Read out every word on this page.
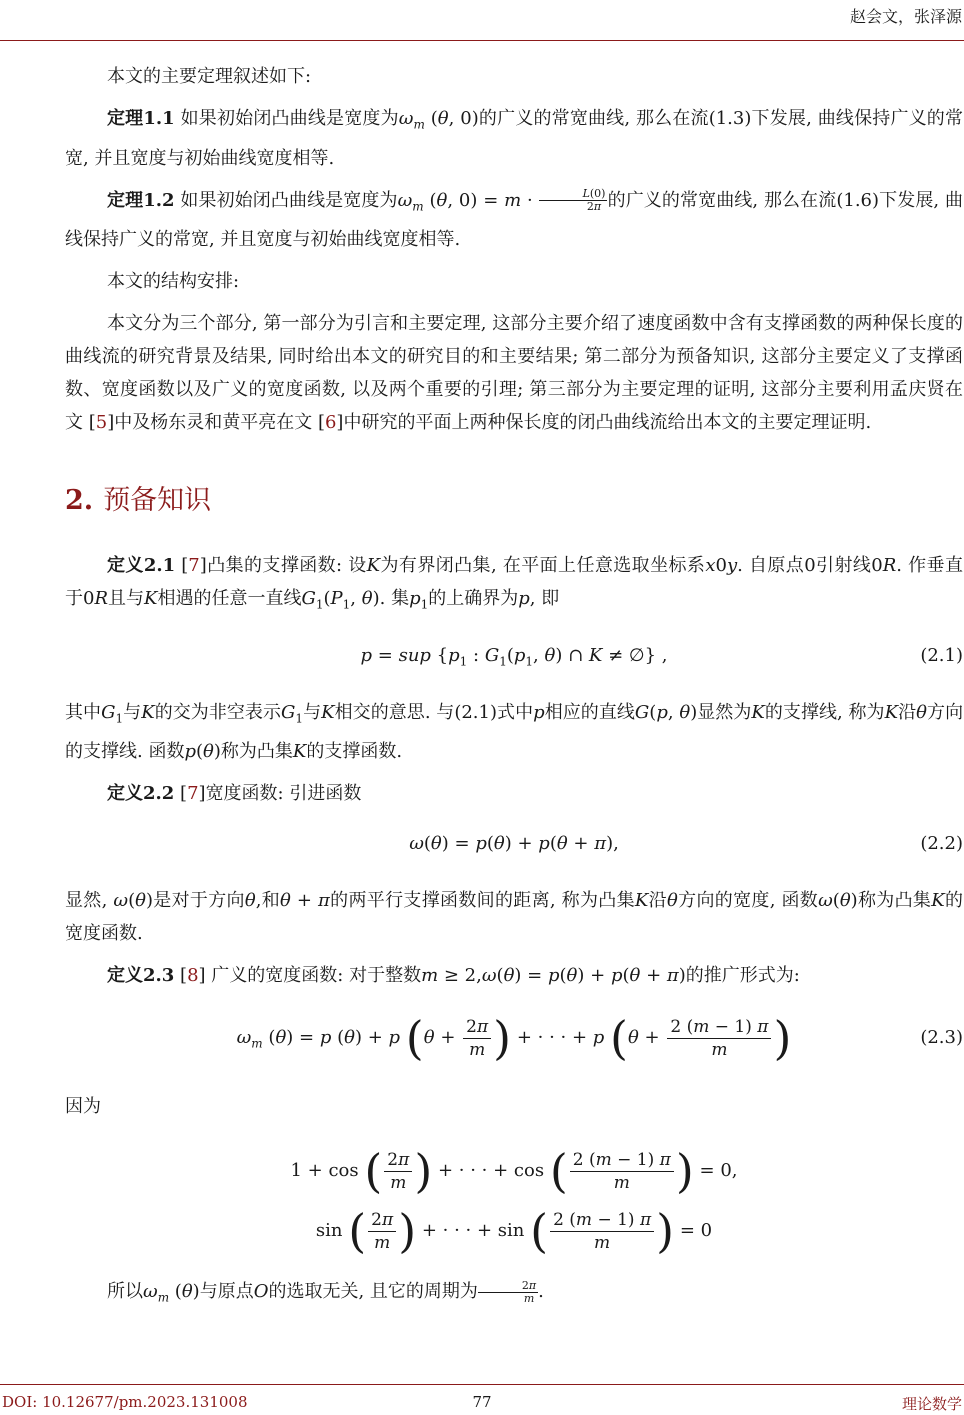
赵会文，张泽源

本文的主要定理叙述如下:

定理1.1 如果初始闭凸曲线是宽度为$\omega_m$ (θ, 0)的广义的常宽曲线, 那么在流(1.3)下发展, 曲线保持广义的常宽, 并且宽度与初始曲线宽度相等.

定理1.2 如果初始闭凸曲线是宽度为$\omega_m$ (θ, $0) = m \cdot \frac{L(0)}{2\pi}$ 的广义的常宽曲线, 那么在流(1.6)下发展, 曲线保持广义的常宽, 并且宽度与初始曲线宽度相等.

本文的结构安排:

本文分为三个部分, 第一部分为引言和主要定理, 这部分主要介绍了速度函数中含有支撑函数的两种保长度的曲线流的研究背景及结果, 同时给出本文的研究目的和主要结果; 第二部分为预备知识, 这部分主要定义了支撑函数、宽度函数以及广义的宽度函数, 以及两个重要的引理; 第三部分为主要定理的证明, 这部分主要利用孟庆贤在文 [5]中及杨东灵和黄平亮在文 [6]中研究的平面上两种保长度的闭凸曲线流给出本文的主要定理证明.

2. 预备知识

定义2.1 [7]凸集的支撑函数: 设K为有界闭凸集, 在平面上任意选取坐标系x0y. 自原点0引射线0R. 作垂直于0R且与K相遇的任意一直线$G_1(P_1$, θ). 集$p_1$的上确界为p, 即

p = sup {$p_1$ : $G_1(p_1$, θ) ∩ K ≠ ∅} ,	(2.1)

其中$G_1$与K的交为非空表示$G_1$与K相交的意思. 与(2.1)式中p相应的直线G(p, θ)显然为K的支撑线, 称为K沿θ方向的支撑线. 函数p(θ)称为凸集K的支撑函数.

定义2.2 [7]宽度函数: 引进函数

ω(θ) = p(θ) + p(θ + π),	(2.2)

显然, ω(θ)是对于方向θ,和θ + π的两平行支撑函数间的距离, 称为凸集K沿θ方向的宽度, 函数ω(θ)称为凸集K的宽度函数.

定义2.3 [8] 广义的宽度函数: 对于整数m ≥ 2,ω(θ) = p(θ) + p(θ + π)的推广形式为:

$\omega_m$ (θ) = p (θ) + p ($\theta + \frac{2\pi}{m}$ ) + · · · + p ($\theta + \frac{2 (m - 1) \pi}{m}$ )	(2.3)

因为

1 + cos ( $\frac{2\pi}{m}$ ) + · · · + cos ( $\frac{2 (m - 1) \pi}{m}$ ) = 0,
sin ( $\frac{2\pi}{m}$ ) + · · · + sin ( $\frac{2 (m - 1) \pi}{m}$ ) = 0

所以$\omega_m$ (θ)与原点O的选取无关, 且它的周期为 $\frac{2\pi}{m}$ .

DOI: 10.12677/pm.2023.131008	77	理论数学
